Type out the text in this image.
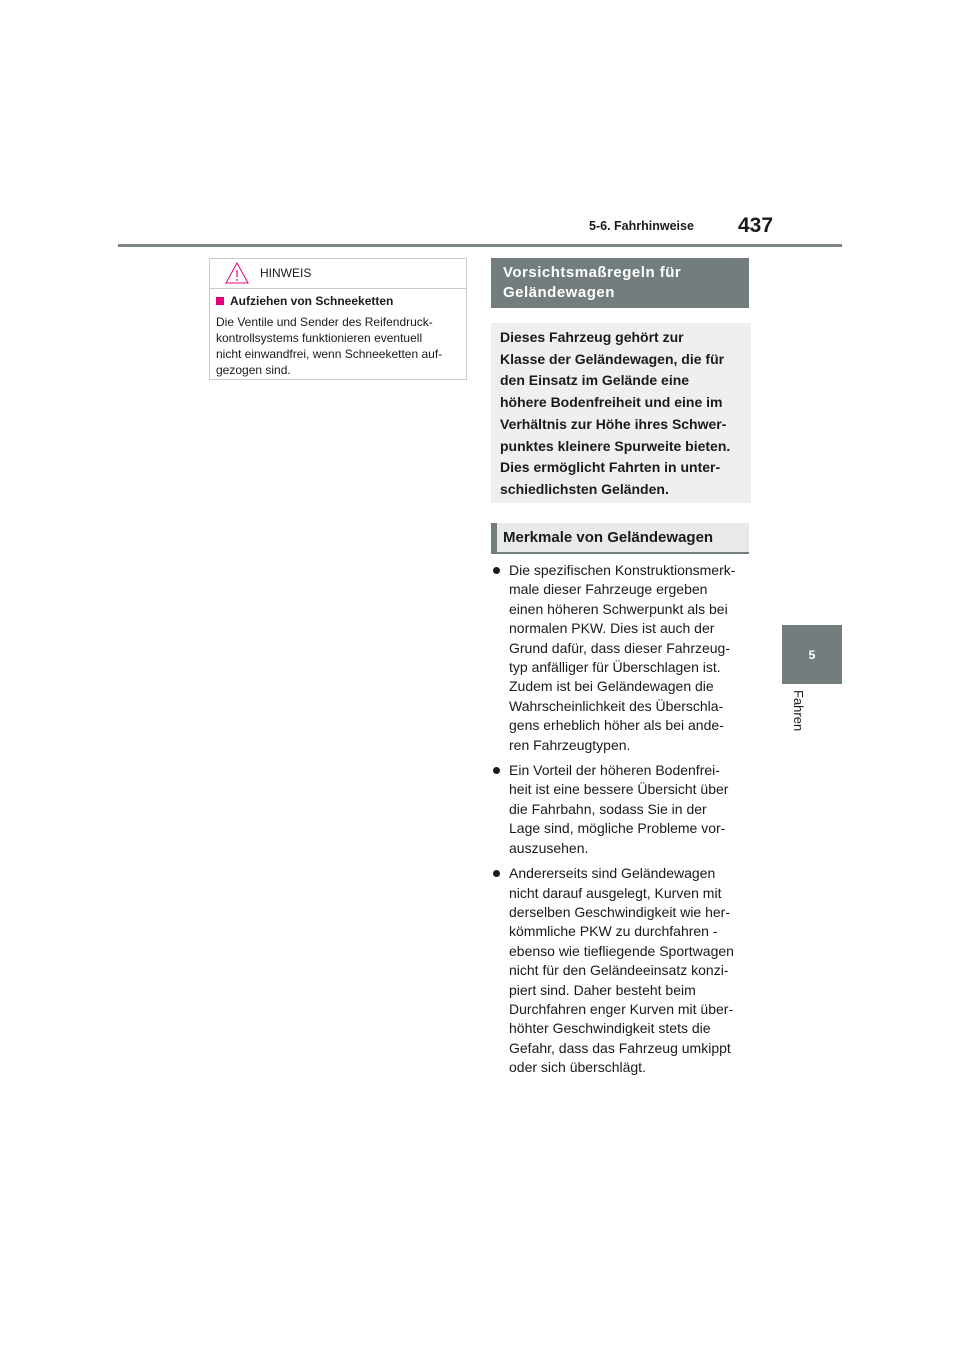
5-6. Fahrhinweise 437
5
Fahren
HINWEIS
Aufziehen von Schneeketten
Die Ventile und Sender des Reifendruck-
kontrollsystems funktionieren eventuell
nicht einwandfrei, wenn Schneeketten auf-
gezogen sind.
Vorsichtsmaßregeln für
Geländewagen
Dieses Fahrzeug gehört zur
Klasse der Geländewagen, die für
den Einsatz im Gelände eine
höhere Bodenfreiheit und eine im
Verhältnis zur Höhe ihres Schwer-
punktes kleinere Spurweite bieten.
Dies ermöglicht Fahrten in unter-
schiedlichsten Geländen.
Merkmale von Geländewagen
Die spezifischen Konstruktionsmerk-
male dieser Fahrzeuge ergeben
einen höheren Schwerpunkt als bei
normalen PKW. Dies ist auch der
Grund dafür, dass dieser Fahrzeug-
typ anfälliger für Überschlagen ist.
Zudem ist bei Geländewagen die
Wahrscheinlichkeit des Überschla-
gens erheblich höher als bei ande-
ren Fahrzeugtypen.
Ein Vorteil der höheren Bodenfrei-
heit ist eine bessere Übersicht über
die Fahrbahn, sodass Sie in der
Lage sind, mögliche Probleme vor-
auszusehen.
Andererseits sind Geländewagen
nicht darauf ausgelegt, Kurven mit
derselben Geschwindigkeit wie her-
kömmliche PKW zu durchfahren -
ebenso wie tiefliegende Sportwagen
nicht für den Geländeeinsatz konzi-
piert sind. Daher besteht beim
Durchfahren enger Kurven mit über-
höhter Geschwindigkeit stets die
Gefahr, dass das Fahrzeug umkippt
oder sich überschlägt.
